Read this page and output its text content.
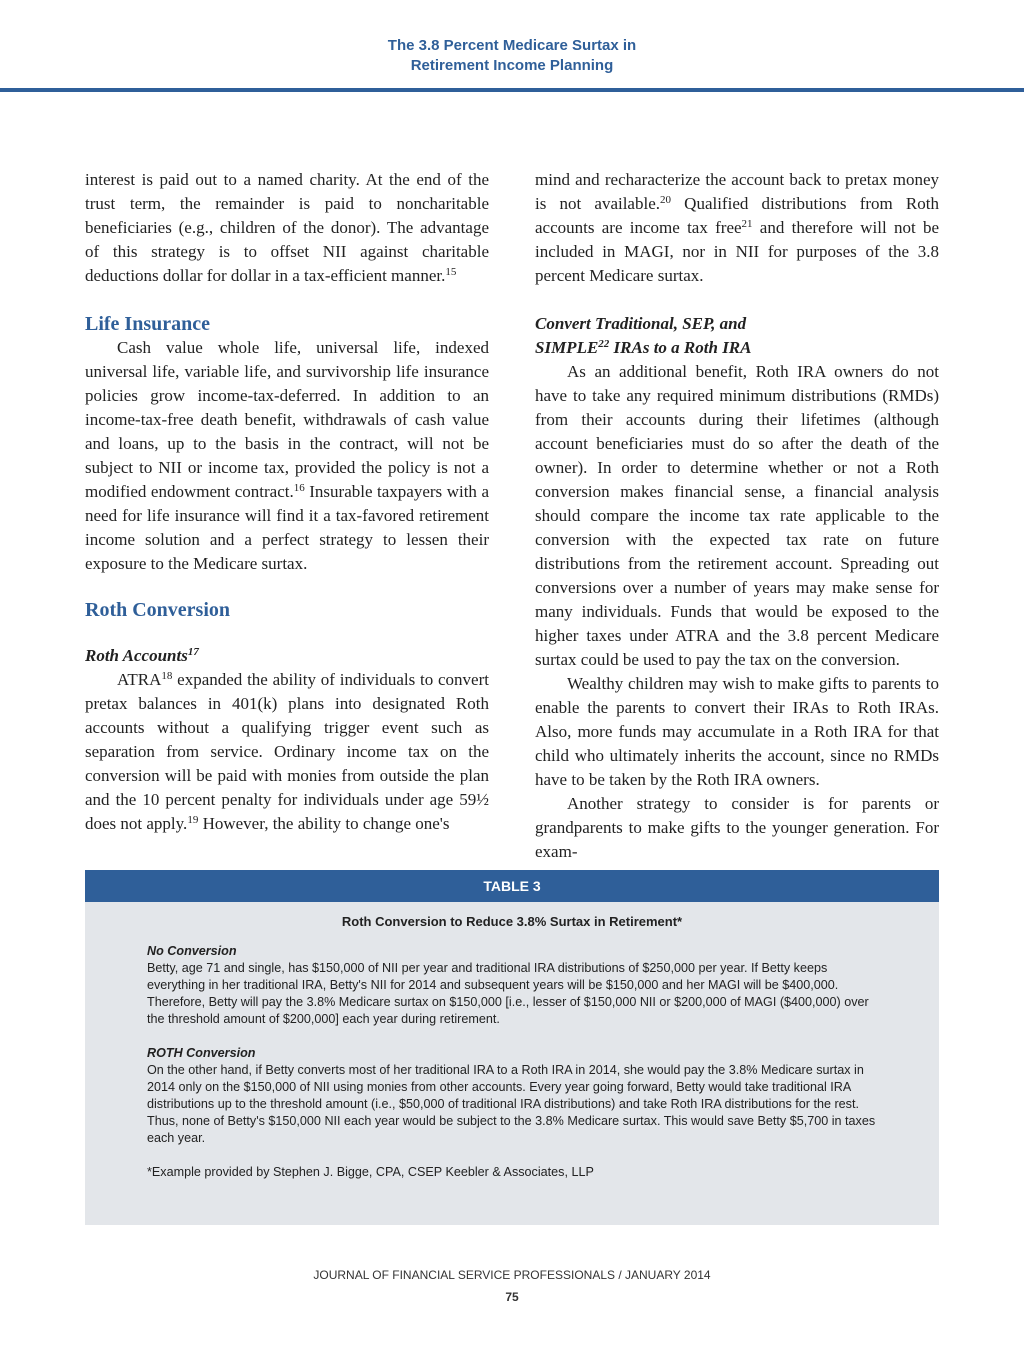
The 3.8 Percent Medicare Surtax in
Retirement Income Planning

interest is paid out to a named charity. At the end of the trust term, the remainder is paid to noncharitable beneficiaries (e.g., children of the donor). The advantage of this strategy is to offset NII against charitable deductions dollar for dollar in a tax-efficient manner.$^{15}$

Life Insurance

Cash value whole life, universal life, indexed universal life, variable life, and survivorship life insurance policies grow income-tax-deferred. In addition to an income-tax-free death benefit, withdrawals of cash value and loans, up to the basis in the contract, will not be subject to NII or income tax, provided the policy is not a modified endowment contract.$^{16}$ Insurable taxpayers with a need for life insurance will find it a tax-favored retirement income solution and a perfect strategy to lessen their exposure to the Medicare surtax.

Roth Conversion

Roth Accounts$^{17}$

ATRA$^{18}$ expanded the ability of individuals to convert pretax balances in 401(k) plans into designated Roth accounts without a qualifying trigger event such as separation from service. Ordinary income tax on the conversion will be paid with monies from outside the plan and the 10 percent penalty for individuals under age 59½ does not apply.$^{19}$ However, the ability to change one's

mind and recharacterize the account back to pretax money is not available.$^{20}$ Qualified distributions from Roth accounts are income tax free$^{21}$ and therefore will not be included in MAGI, nor in NII for purposes of the 3.8 percent Medicare surtax.

Convert Traditional, SEP, and
SIMPLE$^{22}$ IRAs to a Roth IRA

As an additional benefit, Roth IRA owners do not have to take any required minimum distributions (RMDs) from their accounts during their lifetimes (although account beneficiaries must do so after the death of the owner). In order to determine whether or not a Roth conversion makes financial sense, a financial analysis should compare the income tax rate applicable to the conversion with the expected tax rate on future distributions from the retirement account. Spreading out conversions over a number of years may make sense for many individuals. Funds that would be exposed to the higher taxes under ATRA and the 3.8 percent Medicare surtax could be used to pay the tax on the conversion.

Wealthy children may wish to make gifts to parents to enable the parents to convert their IRAs to Roth IRAs. Also, more funds may accumulate in a Roth IRA for that child who ultimately inherits the account, since no RMDs have to be taken by the Roth IRA owners.

Another strategy to consider is for parents or grandparents to make gifts to the younger generation. For exam-

TABLE 3
Roth Conversion to Reduce 3.8% Surtax in Retirement*

No Conversion

Betty, age 71 and single, has $150,000 of NII per year and traditional IRA distributions of $250,000 per year. If Betty keeps everything in her traditional IRA, Betty's NII for 2014 and subsequent years will be $150,000 and her MAGI will be $400,000. Therefore, Betty will pay the 3.8% Medicare surtax on $150,000 [i.e., lesser of $150,000 NII or $200,000 of MAGI ($400,000) over the threshold amount of $200,000] each year during retirement.

ROTH Conversion

On the other hand, if Betty converts most of her traditional IRA to a Roth IRA in 2014, she would pay the 3.8% Medicare surtax in 2014 only on the $150,000 of NII using monies from other accounts. Every year going forward, Betty would take traditional IRA distributions up to the threshold amount (i.e., $50,000 of traditional IRA distributions) and take Roth IRA distributions for the rest. Thus, none of Betty's $150,000 NII each year would be subject to the 3.8% Medicare surtax. This would save Betty $5,700 in taxes each year.

*Example provided by Stephen J. Bigge, CPA, CSEP Keebler & Associates, LLP

JOURNAL OF FINANCIAL SERVICE PROFESSIONALS / JANUARY 2014
75
